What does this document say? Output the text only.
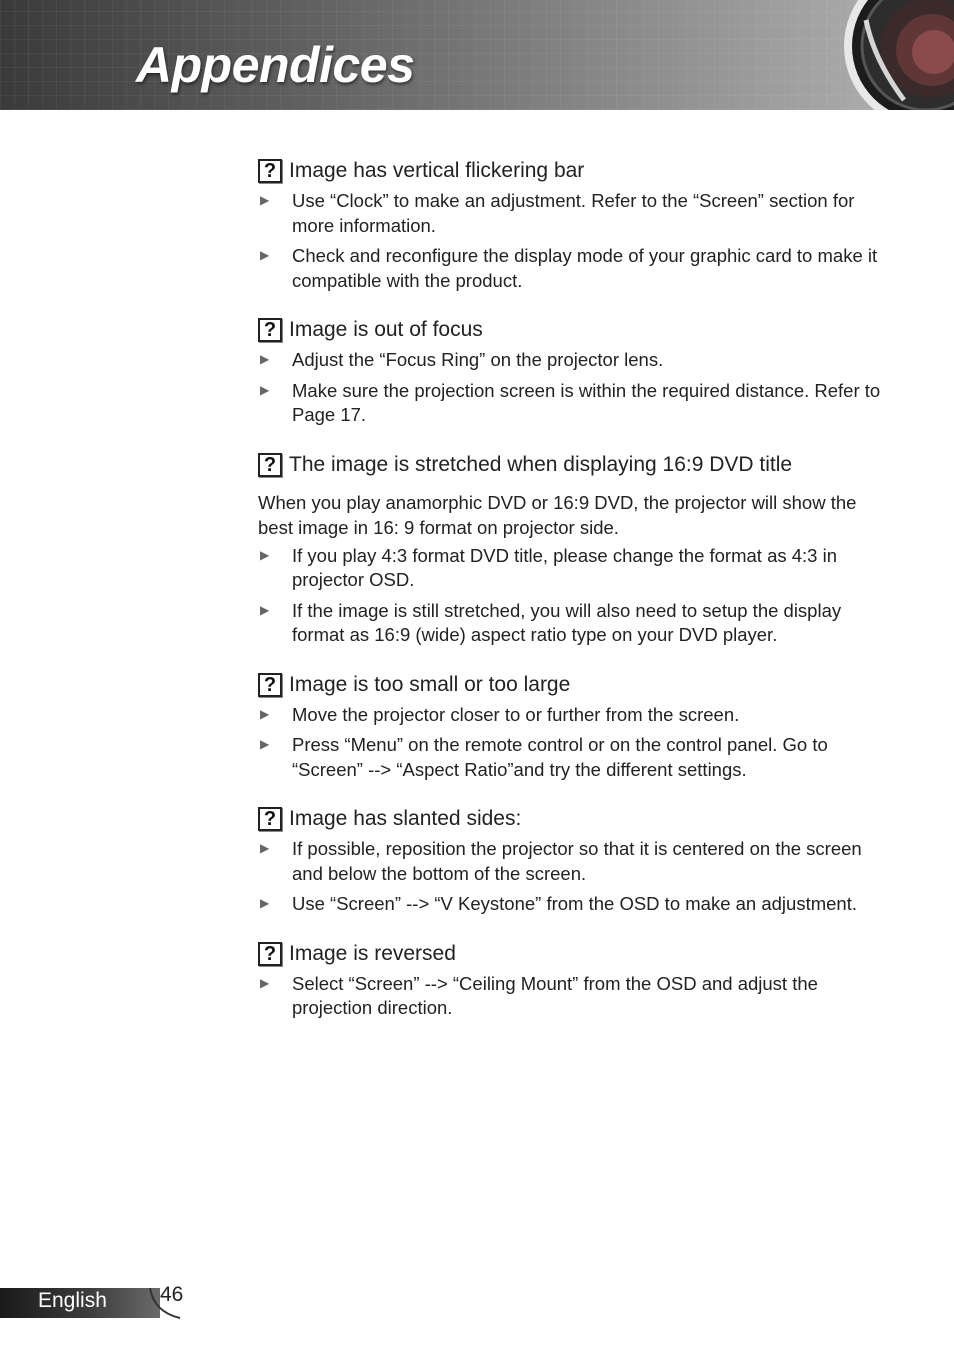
Appendices
? Image has vertical flickering bar
▶	Use “Clock” to make an adjustment. Refer to the “Screen” section for more information.
▶	Check and reconfigure the display mode of your graphic card to make it compatible with the product.
? Image is out of focus
▶	Adjust the “Focus Ring” on the projector lens.
▶	Make sure the projection screen is within the required distance. Refer to Page 17.
? The image is stretched when displaying 16:9 DVD title
When you play anamorphic DVD or 16:9 DVD, the projector will show the best image in 16: 9 format on projector side.
▶	If you play 4:3 format DVD title, please change the format as 4:3 in projector OSD.
▶	If the image is still stretched, you will also need to setup the display format as 16:9 (wide) aspect ratio type on your DVD player.
? Image is too small or too large
▶	Move the projector closer to or further from the screen.
▶	Press “Menu” on the remote control or on the control panel. Go to “Screen” --> “Aspect Ratio”and try the different settings.
? Image has slanted sides:
▶	If possible, reposition the projector so that it is centered on the screen and below the bottom of the screen.
▶	Use “Screen” --> “V Keystone” from the OSD to make an adjustment.
? Image is reversed
▶	Select “Screen” --> “Ceiling Mount” from the OSD and adjust the projection direction.
English	46
